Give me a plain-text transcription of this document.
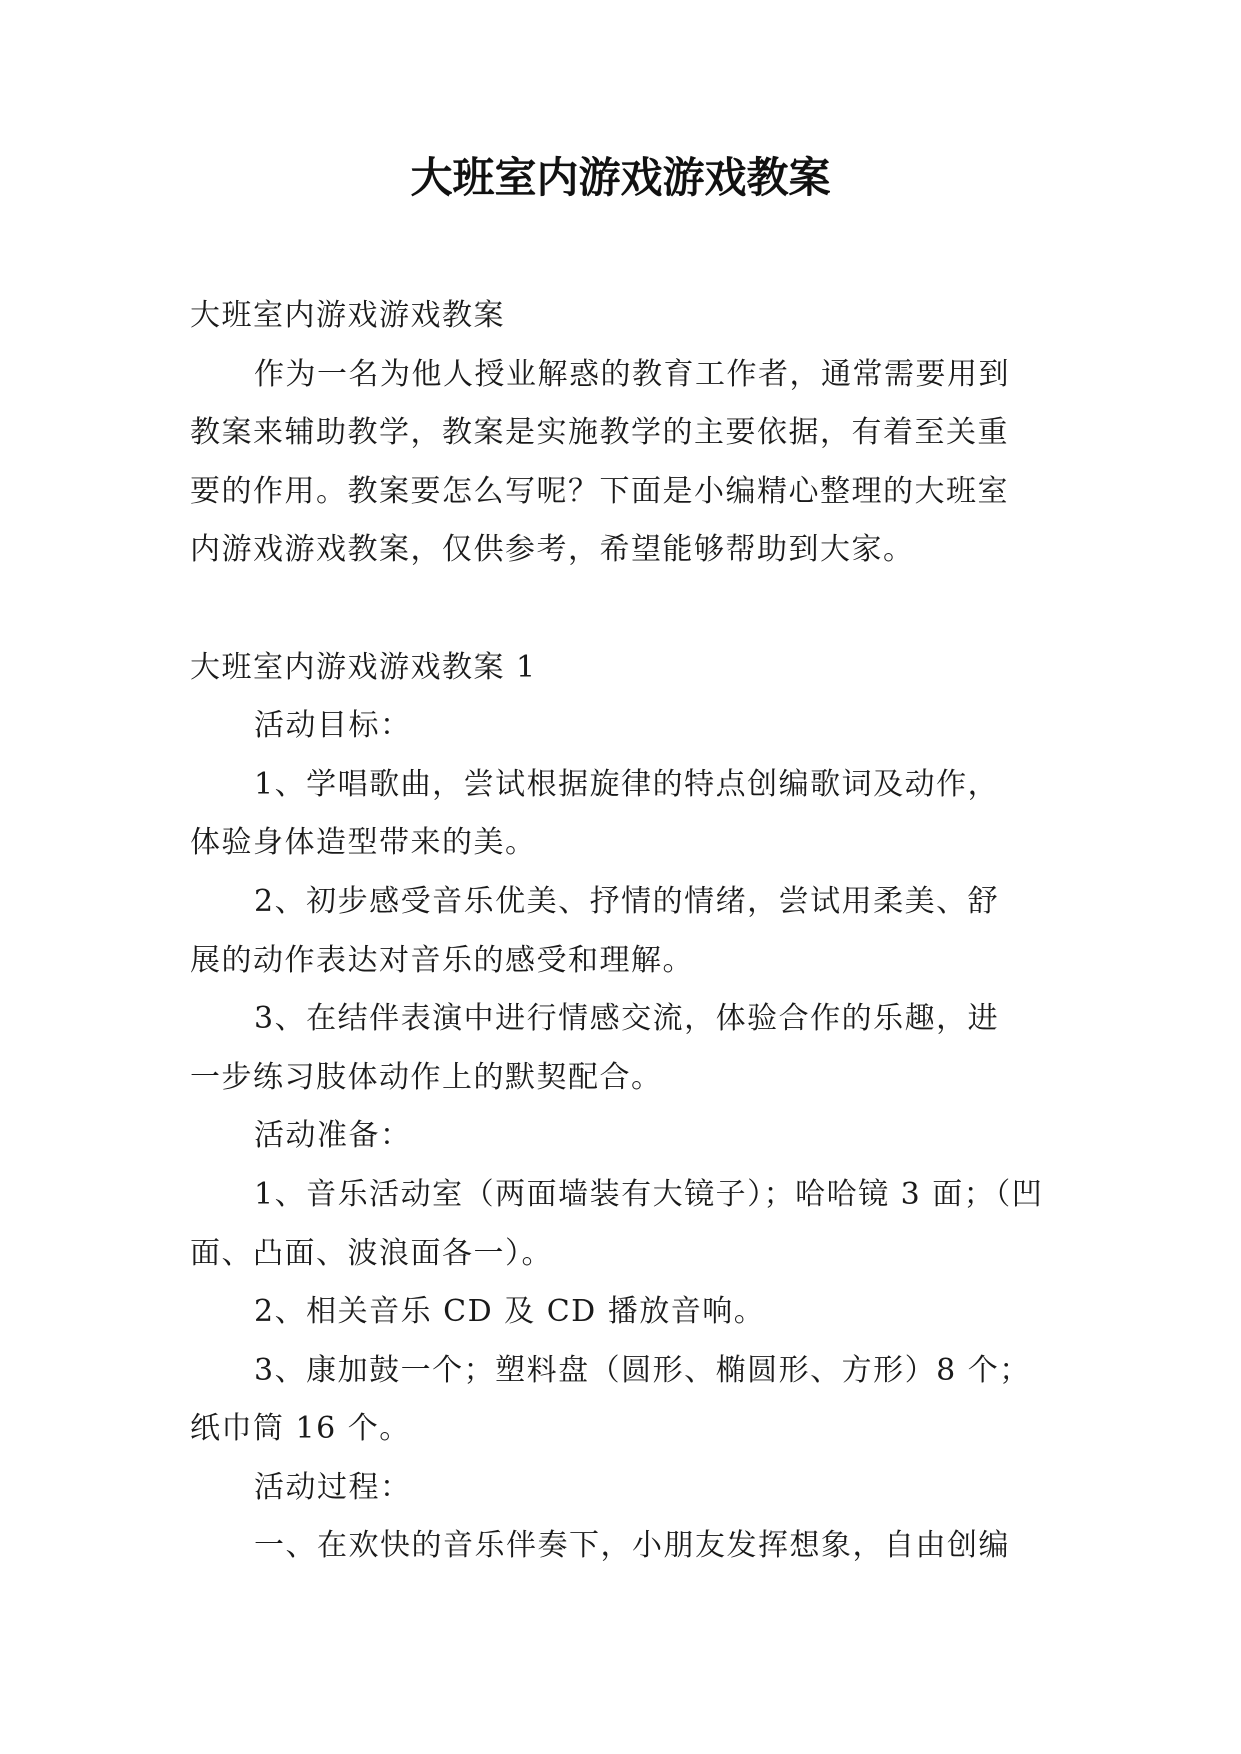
大班室内游戏游戏教案
大班室内游戏游戏教案
作为一名为他人授业解惑的教育工作者，通常需要用到
教案来辅助教学，教案是实施教学的主要依据，有着至关重
要的作用。教案要怎么写呢？下面是小编精心整理的大班室
内游戏游戏教案，仅供参考，希望能够帮助到大家。
大班室内游戏游戏教案 1
活动目标：
1、学唱歌曲，尝试根据旋律的特点创编歌词及动作，
体验身体造型带来的美。
2、初步感受音乐优美、抒情的情绪，尝试用柔美、舒
展的动作表达对音乐的感受和理解。
3、在结伴表演中进行情感交流，体验合作的乐趣，进
一步练习肢体动作上的默契配合。
活动准备：
1、音乐活动室（两面墙装有大镜子）；哈哈镜 3 面；（凹
面、凸面、波浪面各一）。
2、相关音乐 CD 及 CD 播放音响。
3、康加鼓一个；塑料盘（圆形、椭圆形、方形）8 个；
纸巾筒 16 个。
活动过程：
一、在欢快的音乐伴奏下，小朋友发挥想象，自由创编
